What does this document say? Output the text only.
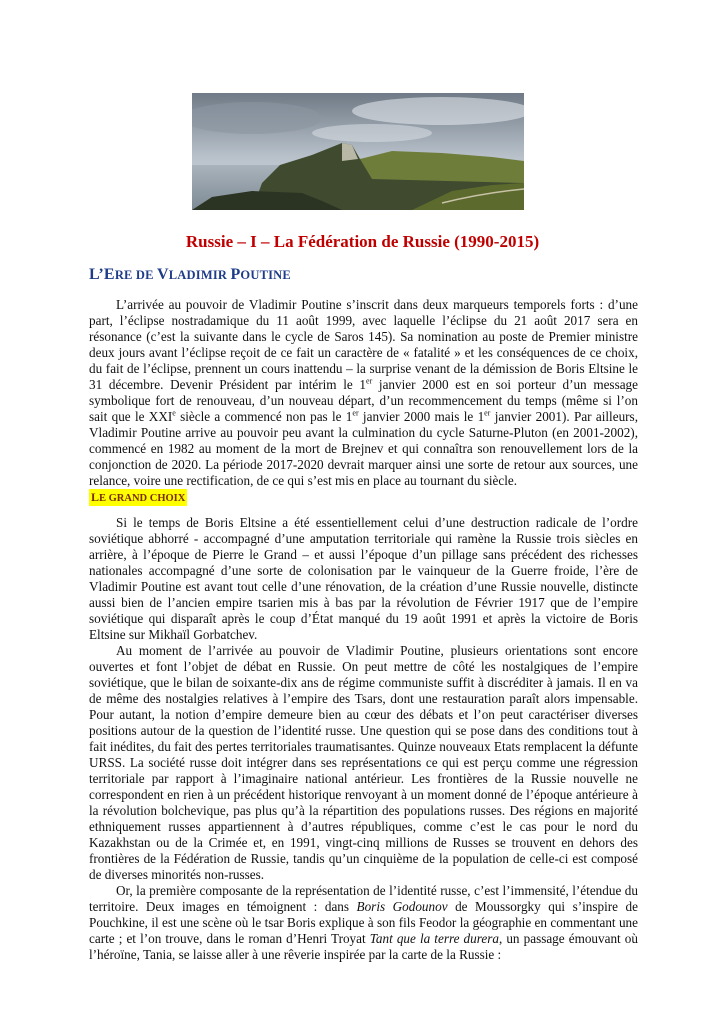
Russie – I – La Fédération de Russie (1990-2015)
L’ERE DE VLADIMIR POUTINE

L’arrivée au pouvoir de Vladimir Poutine s’inscrit dans deux marqueurs temporels forts : d’une part, l’éclipse nostradamique du 11 août 1999, avec laquelle l’éclipse du 21 août 2017 sera en résonance (c’est la suivante dans le cycle de Saros 145). Sa nomination au poste de Premier ministre deux jours avant l’éclipse reçoit de ce fait un caractère de « fatalité » et les conséquences de ce choix, du fait de l’éclipse, prennent un cours inattendu – la surprise venant de la démission de Boris Eltsine le 31 décembre. Devenir Président par intérim le 1er janvier 2000 est en soi porteur d’un message symbolique fort de renouveau, d’un nouveau départ, d’un recommencement du temps (même si l’on sait que le XXIe siècle a commencé non pas le 1er janvier 2000 mais le 1er janvier 2001). Par ailleurs, Vladimir Poutine arrive au pouvoir peu avant la culmination du cycle Saturne-Pluton (en 2001-2002), commencé en 1982 au moment de la mort de Brejnev et qui connaîtra son renouvellement lors de la conjonction de 2020. La période 2017-2020 devrait marquer ainsi une sorte de retour aux sources, une relance, voire une rectification, de ce qui s’est mis en place au tournant du siècle.

LE GRAND CHOIX

Si le temps de Boris Eltsine a été essentiellement celui d’une destruction radicale de l’ordre soviétique abhorré - accompagné d’une amputation territoriale qui ramène la Russie trois siècles en arrière, à l’époque de Pierre le Grand – et aussi l’époque d’un pillage sans précédent des richesses nationales accompagné d’une sorte de colonisation par le vainqueur de la Guerre froide, l’ère de Vladimir Poutine est avant tout celle d’une rénovation, de la création d’une Russie nouvelle, distincte aussi bien de l’ancien empire tsarien mis à bas par la révolution de Février 1917 que de l’empire soviétique qui disparaît après le coup d’État manqué du 19 août 1991 et après la victoire de Boris Eltsine sur Mikhaïl Gorbatchev.

Au moment de l’arrivée au pouvoir de Vladimir Poutine, plusieurs orientations sont encore ouvertes et font l’objet de débat en Russie. On peut mettre de côté les nostalgiques de l’empire soviétique, que le bilan de soixante-dix ans de régime communiste suffit à discréditer à jamais. Il en va de même des nostalgies relatives à l’empire des Tsars, dont une restauration paraît alors impensable. Pour autant, la notion d’empire demeure bien au cœur des débats et l’on peut caractériser diverses positions autour de la question de l’identité russe. Une question qui se pose dans des conditions tout à fait inédites, du fait des pertes territoriales traumatisantes. Quinze nouveaux Etats remplacent la défunte URSS. La société russe doit intégrer dans ses représentations ce qui est perçu comme une régression territoriale par rapport à l’imaginaire national antérieur. Les frontières de la Russie nouvelle ne correspondent en rien à un précédent historique renvoyant à un moment donné de l’époque antérieure à la révolution bolchevique, pas plus qu’à la répartition des populations russes. Des régions en majorité ethniquement russes appartiennent à d’autres républiques, comme c’est le cas pour le nord du Kazakhstan ou de la Crimée et, en 1991, vingt-cinq millions de Russes se trouvent en dehors des frontières de la Fédération de Russie, tandis qu’un cinquième de la population de celle-ci est composé de diverses minorités non-russes.

Or, la première composante de la représentation de l’identité russe, c’est l’immensité, l’étendue du territoire. Deux images en témoignent : dans Boris Godounov de Moussorgky qui s’inspire de Pouchkine, il est une scène où le tsar Boris explique à son fils Feodor la géographie en commentant une carte ; et l’on trouve, dans le roman d’Henri Troyat Tant que la terre durera, un passage émouvant où l’héroïne, Tania, se laisse aller à une rêverie inspirée par la carte de la Russie :
